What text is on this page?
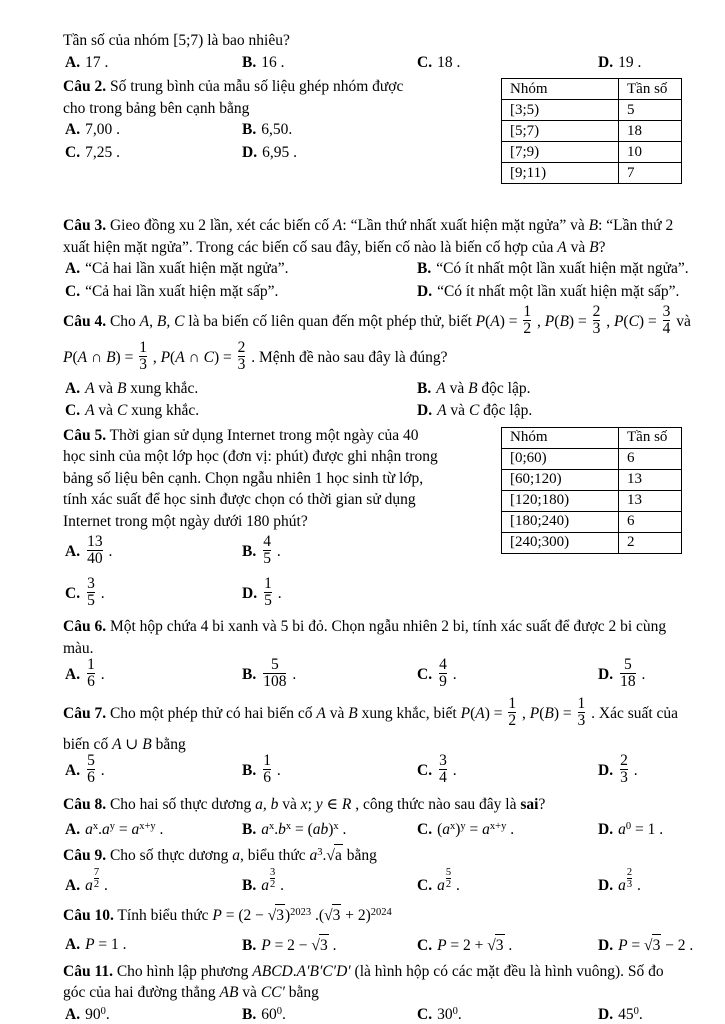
Tần số của nhóm [5;7) là bao nhiêu?
A. 17 .	B. 16 .	C. 18 .	D. 19 .
Nhóm	Tần số
[3;5)	5
[5;7)	18
[7;9)	10
[9;11)	7
Câu 2. Số trung bình của mẫu số liệu ghép nhóm được
cho trong bảng bên cạnh bằng
A. 7,00 .	B. 6,50.
C. 7,25 .	D. 6,95 .
Câu 3. Gieo đồng xu 2 lần, xét các biến cố A: “Lần thứ nhất xuất hiện mặt ngửa” và B: “Lần thứ 2
xuất hiện mặt ngửa”. Trong các biến cố sau đây, biến cố nào là biến cố hợp của A và B?
A. “Cả hai lần xuất hiện mặt ngửa”.	B. “Có ít nhất một lần xuất hiện mặt ngửa”.
C. “Cả hai lần xuất hiện mặt sấp”.	D. “Có ít nhất một lần xuất hiện mặt sấp”.
Câu 4. Cho A, B, C là ba biến cố liên quan đến một phép thử, biết $P(A) = \frac{1}{2}$ , $P(B) = \frac{2}{3}$ , $P(C) = \frac{3}{4}$ và
P(A ∩ $B) = \frac{1}{3}$ , P(A ∩ $C) = \frac{2}{3}$ . Mệnh đề nào sau đây là đúng?
A. A và B xung khắc.	B. A và B độc lập.
C. A và C xung khắc.	D. A và C độc lập.
Nhóm	Tần số
[0;60)	6
[60;120)	13
[120;180)	13
[180;240)	6
[240;300)	2
Câu 5. Thời gian sử dụng Internet trong một ngày của 40
học sinh của một lớp học (đơn vị: phút) được ghi nhận trong
bảng số liệu bên cạnh. Chọn ngẫu nhiên 1 học sinh từ lớp,
tính xác suất để học sinh được chọn có thời gian sử dụng
Internet trong một ngày dưới 180 phút?
A. $\frac{13}{40}$ .	B. $\frac{4}{5}$ .
C. $\frac{3}{5}$ .	D. $\frac{1}{5}$ .
Câu 6. Một hộp chứa 4 bi xanh và 5 bi đỏ. Chọn ngẫu nhiên 2 bi, tính xác suất để được 2 bi cùng
màu.
A. $\frac{1}{6}$ .	B. $\frac{5}{108}$ .	C. $\frac{4}{9}$ .	D. $\frac{5}{18}$ .
Câu 7. Cho một phép thử có hai biến cố A và B xung khắc, biết $P(A) = \frac{1}{2}$ , $P(B) = \frac{1}{3}$ . Xác suất của
biến cố A ∪ B bằng
A. $\frac{5}{6}$ .	B. $\frac{1}{6}$ .	C. $\frac{3}{4}$ .	D. $\frac{2}{3}$ .
Câu 8. Cho hai số thực dương a, b và x; y ∈ R , công thức nào sau đây là sai?
A. $a^x.a^y = a^{x+y}$ .	B. $a^x.b^x = (ab)^x$ .	C. $(a^x)^y = a^{x+y}$ .	D. $a^0 = 1$ .
Câu 9. Cho số thực dương a, biểu thức $a^3.√a$ bằng
A. a $\frac{7}{2}$ .	B. a $\frac{3}{2}$ .	C. a $\frac{5}{2}$ .	D. a $\frac{2}{3}$ .
Câu 10. Tính biểu thức $P = (2 - √3)^{2023}$ $.(√3 + 2)^{2024}$
A. P = 1 .	B. P = 2 − √3 .	C. P = 2 + √3 .	D. P = √3 − 2 .
Câu 11. Cho hình lập phương ABCD.A′B′C′D′ (là hình hộp có các mặt đều là hình vuông). Số đo
góc của hai đường thẳng AB và CC′ bằng
A. $90^0$.	B. $60^0$.	C. $30^0$.	D. $45^0$.
